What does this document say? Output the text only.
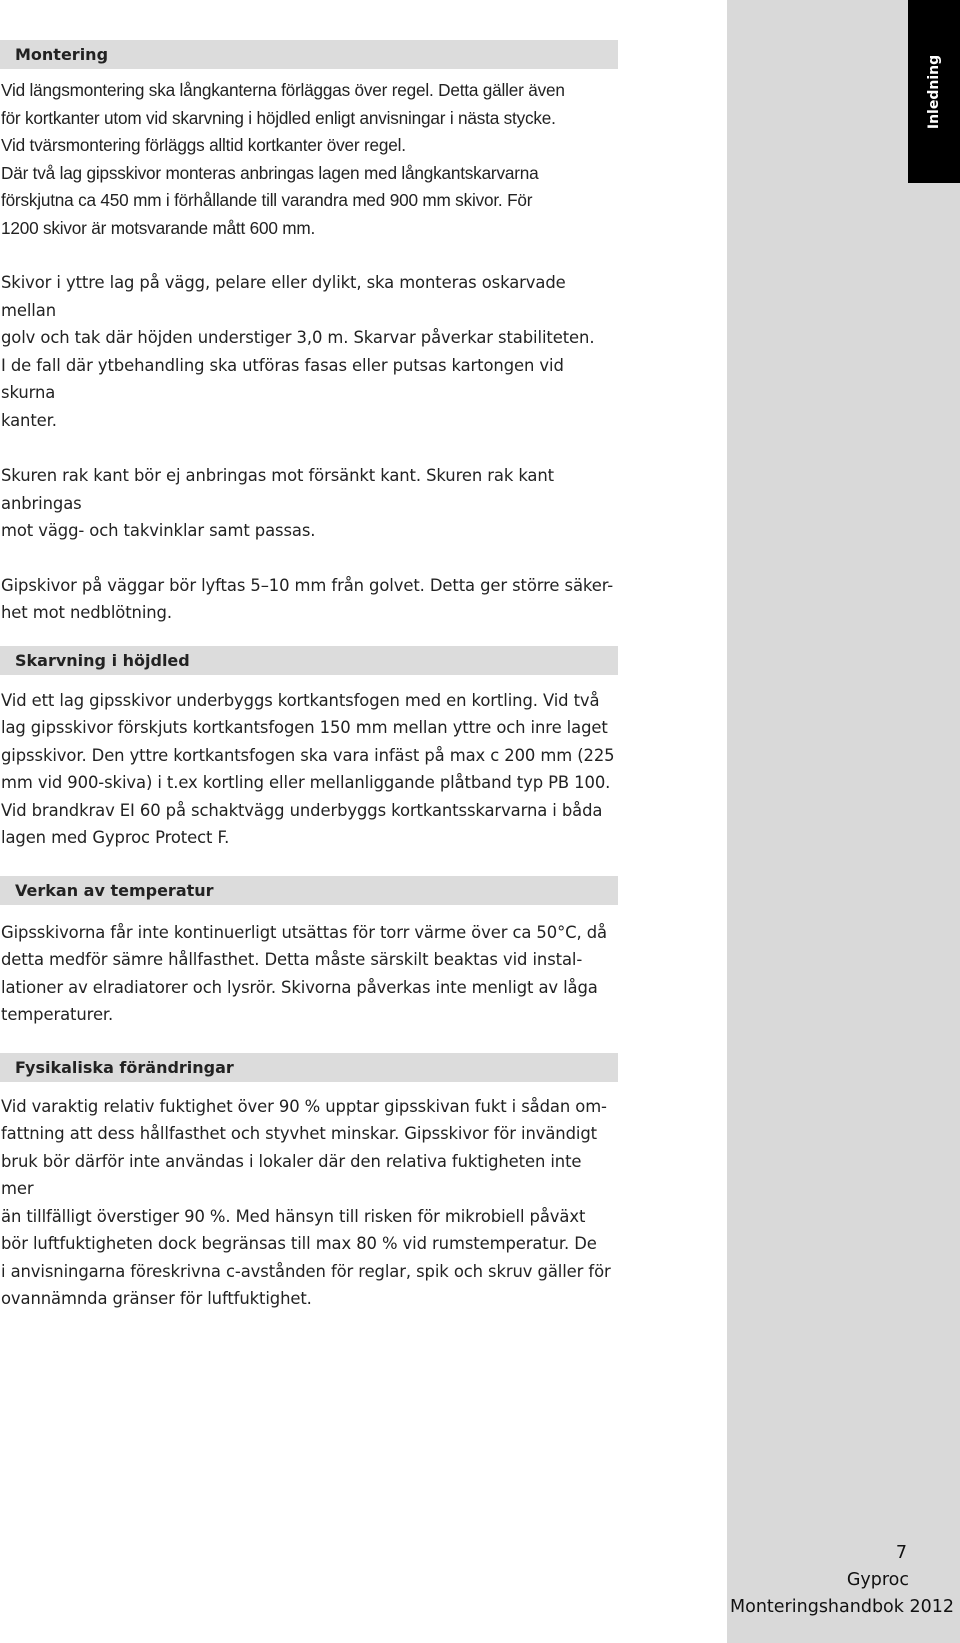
Inledning
Montering
Vid längsmontering ska långkanterna förläggas över regel. Detta gäller även
för kortkanter utom vid skarvning i höjdled enligt anvisningar i nästa stycke.
Vid tvärsmontering förläggs alltid kortkanter över regel.
Där två lag gipsskivor monteras anbringas lagen med långkantskarvarna
förskjutna ca 450 mm i förhållande till varandra med 900 mm skivor. För
1200 skivor är motsvarande mått 600 mm.
Skivor i yttre lag på vägg, pelare eller dylikt, ska monteras oskarvade mellan
golv och tak där höjden understiger 3,0 m. Skarvar påverkar stabiliteten.
I de fall där ytbehandling ska utföras fasas eller putsas kartongen vid skurna
kanter.
Skuren rak kant bör ej anbringas mot försänkt kant. Skuren rak kant anbringas
mot vägg- och takvinklar samt passas.
Gipskivor på väggar bör lyftas 5–10 mm från golvet. Detta ger större säker-
het mot nedblötning.
Skarvning i höjdled
Vid ett lag gipsskivor underbyggs kortkantsfogen med en kortling. Vid två
lag gipsskivor förskjuts kortkantsfogen 150 mm mellan yttre och inre laget
gipsskivor. Den yttre kortkantsfogen ska vara infäst på max c 200 mm (225
mm vid 900-skiva) i t.ex kortling eller mellanliggande plåtband typ PB 100.
Vid brandkrav EI 60 på schaktvägg underbyggs kortkantsskarvarna i båda
lagen med Gyproc Protect F.
Verkan av temperatur
Gipsskivorna får inte kontinuerligt utsättas för torr värme över ca 50°C, då
detta medför sämre hållfasthet. Detta måste särskilt beaktas vid instal-
lationer av elradiatorer och lysrör. Skivorna påverkas inte menligt av låga
temperaturer.
Fysikaliska förändringar
Vid varaktig relativ fuktighet över 90 % upptar gipsskivan fukt i sådan om-
fattning att dess hållfasthet och styvhet minskar. Gipsskivor för invändigt
bruk bör därför inte användas i lokaler där den relativa fuktigheten inte mer
än tillfälligt överstiger 90 %. Med hänsyn till risken för mikrobiell påväxt
bör luftfuktigheten dock begränsas till max 80 % vid rumstemperatur. De
i anvisningarna föreskrivna c-avstånden för reglar, spik och skruv gäller för
ovannämnda gränser för luftfuktighet.
7
Gyproc
Monteringshandbok 2012
